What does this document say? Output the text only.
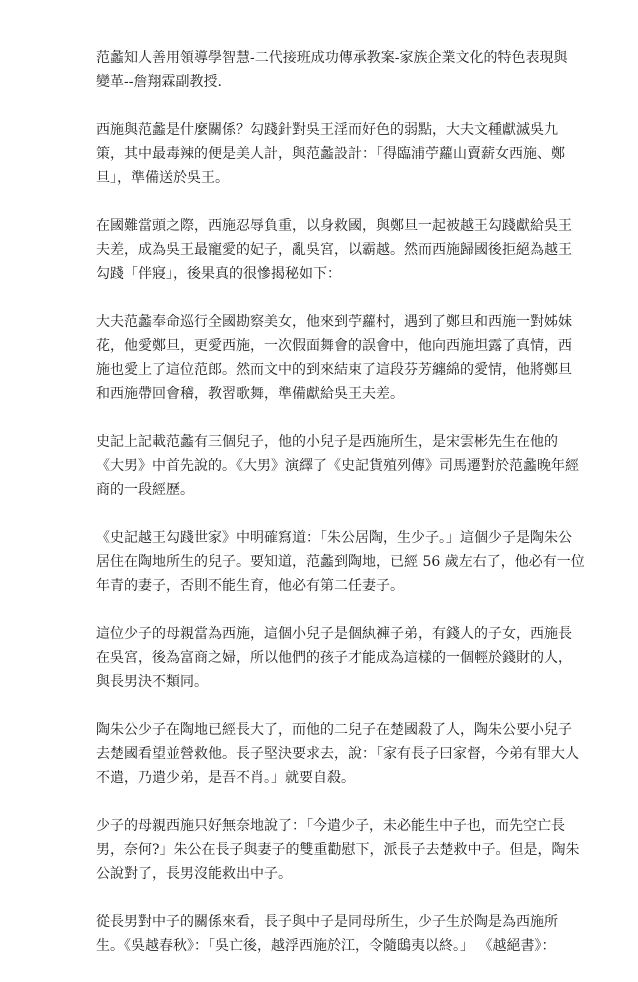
范蠡知人善用領導學智慧-二代接班成功傳承教案-家族企業文化的特色表現與
變革--詹翔霖副教授.

西施與范蠡是什麼關係？勾踐針對吳王淫而好色的弱點，大夫文種獻滅吳九
策，其中最毒辣的便是美人計，與范蠡設計：「得臨浦苧蘿山賣薪女西施、鄭
旦」，準備送於吳王。

在國難當頭之際，西施忍辱負重，以身救國，與鄭旦一起被越王勾踐獻給吳王
夫差，成為吳王最寵愛的妃子，亂吳宮，以霸越。然而西施歸國後拒絕為越王
勾踐「伴寢」，後果真的很慘揭秘如下：

大夫范蠡奉命巡行全國勘察美女，他來到苧蘿村，遇到了鄭旦和西施一對姊妹
花，他愛鄭旦，更愛西施，一次假面舞會的誤會中，他向西施坦露了真情，西
施也愛上了這位范郎。然而文中的到來結束了這段芬芳纏綿的愛情，他將鄭旦
和西施帶回會稽，教習歌舞，準備獻給吳王夫差。

史記上記載范蠡有三個兒子，他的小兒子是西施所生，是宋雲彬先生在他的
《大男》中首先說的。《大男》演繹了《史記貨殖列傳》司馬遷對於范蠡晚年經
商的一段經歷。

《史記越王勾踐世家》中明確寫道：「朱公居陶，生少子。」這個少子是陶朱公
居住在陶地所生的兒子。要知道，范蠡到陶地，已經 56 歲左右了，他必有一位
年青的妻子，否則不能生育，他必有第二任妻子。

這位少子的母親當為西施，這個小兒子是個紈褲子弟，有錢人的子女，西施長
在吳宮，後為富商之婦，所以他們的孩子才能成為這樣的一個輕於錢財的人，
與長男決不類同。

陶朱公少子在陶地已經長大了，而他的二兒子在楚國殺了人，陶朱公要小兒子
去楚國看望並營救他。長子堅決要求去，說：「家有長子曰家督，今弟有罪大人
不遣，乃遣少弟，是吾不肖。」就要自殺。

少子的母親西施只好無奈地說了：「今遣少子，未必能生中子也，而先空亡長
男，奈何?」朱公在長子與妻子的雙重勸慰下，派長子去楚救中子。但是，陶朱
公說對了，長男沒能救出中子。

從長男對中子的關係來看，長子與中子是同母所生，少子生於陶是為西施所
生。《吳越春秋》：「吳亡後，越浮西施於江，令隨鴟夷以終。」 《越絕書》：
